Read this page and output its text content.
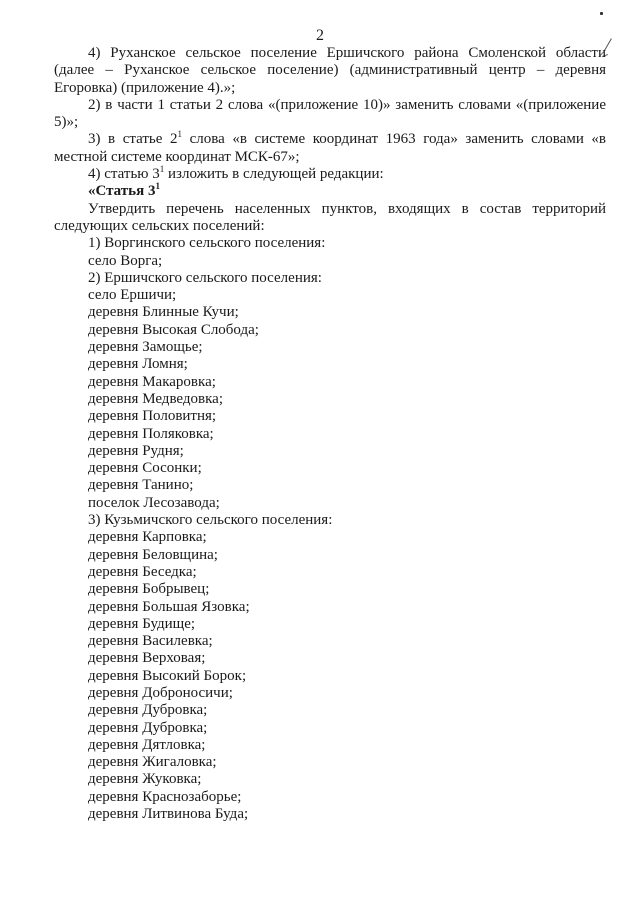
2

4) Руханское сельское поселение Ершичского района Смоленской области (далее – Руханское сельское поселение) (административный центр – деревня Егоровка) (приложение 4).»;

2) в части 1 статьи 2 слова «(приложение 10)» заменить словами «(приложение 5)»;

3) в статье $2^1$ слова «в системе координат 1963 года» заменить словами «в местной системе координат МСК-67»;

4) статью $3^1$ изложить в следующей редакции:

«Статья $3^1$

Утвердить перечень населенных пунктов, входящих в состав территорий следующих сельских поселений:

1) Воргинского сельского поселения:

село Ворга;

2) Ершичского сельского поселения:

село Ершичи;

деревня Блинные Кучи;

деревня Высокая Слобода;

деревня Замощье;

деревня Ломня;

деревня Макаровка;

деревня Медведовка;

деревня Половитня;

деревня Поляковка;

деревня Рудня;

деревня Сосонки;

деревня Танино;

поселок Лесозавода;

3) Кузьмичского сельского поселения:

деревня Карповка;

деревня Беловщина;

деревня Беседка;

деревня Бобрывец;

деревня Большая Язовка;

деревня Будище;

деревня Василевка;

деревня Верховая;

деревня Высокий Борок;

деревня Доброносичи;

деревня Дубровка;

деревня Дубровка;

деревня Дятловка;

деревня Жигаловка;

деревня Жуковка;

деревня Краснозаборье;

деревня Литвинова Буда;
